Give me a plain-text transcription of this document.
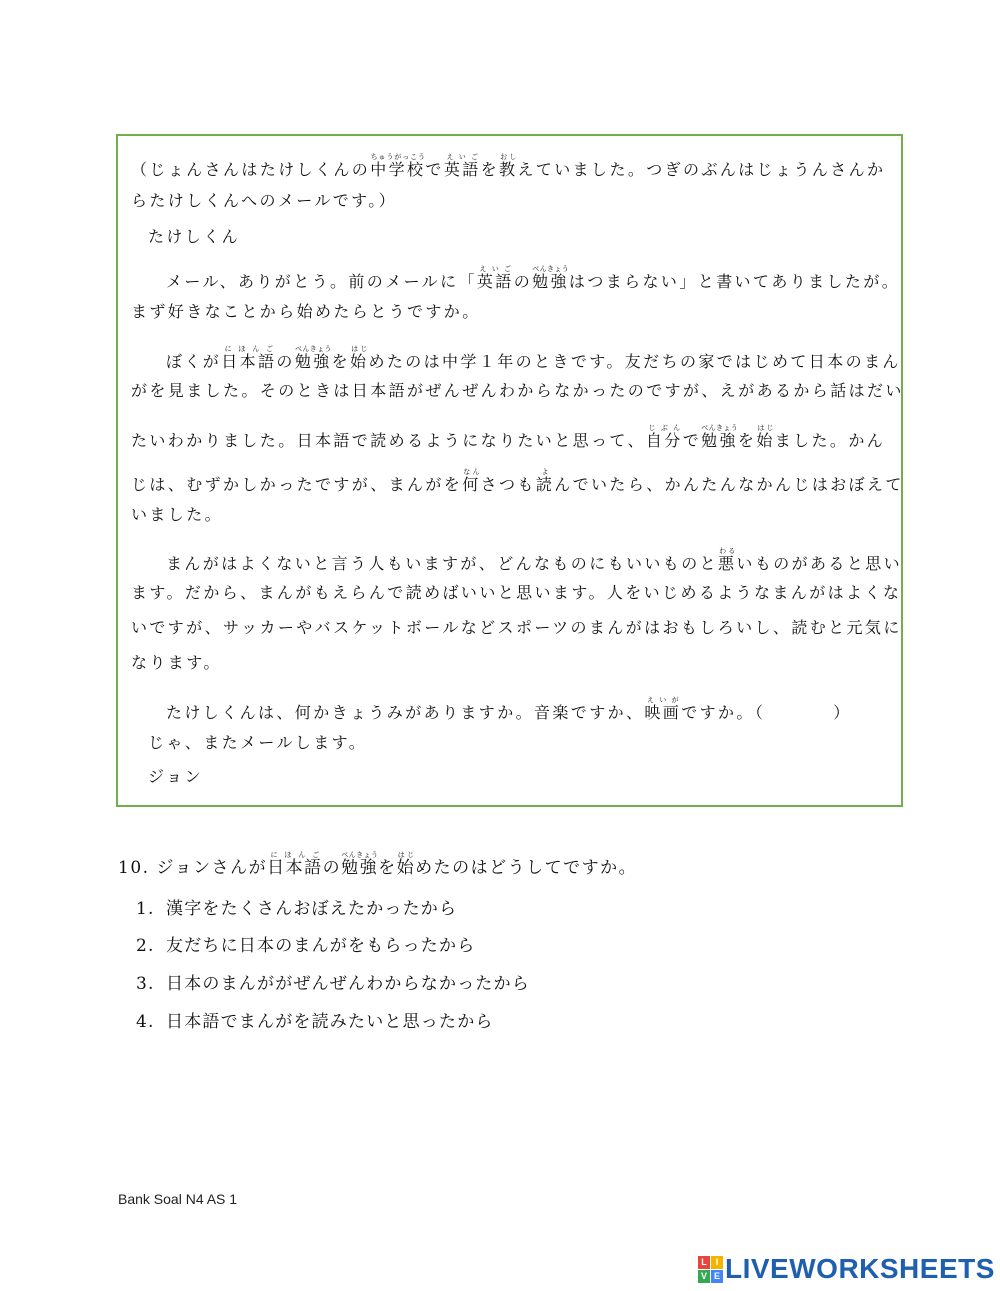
（じょんさんはたけしくんの中学校ちゅうがっこうで英語えいごを教おしえていました。つぎのぶんはじょうんさんか
らたけしくんへのメールです。）
たけしくん
メール、ありがとう。前のメールに「英語えいごの勉強べんきょうはつまらない」と書いてありましたが。
まず好きなことから始めたらとうですか。
ぼくが日本語にほんごの勉強べんきょうを始はじめたのは中学１年のときです。友だちの家ではじめて日本のまん
がを見ました。そのときは日本語がぜんぜんわからなかったのですが、えがあるから話はだい
たいわかりました。日本語で読めるようになりたいと思って、自分じぶんで勉強べんきょうを始はじました。かん
じは、むずかしかったですが、まんがを何なんさつも読よんでいたら、かんたんなかんじはおぼえて
いました。
まんがはよくないと言う人もいますが、どんなものにもいいものと悪わるいものがあると思い
ます。だから、まんがもえらんで読めばいいと思います。人をいじめるようなまんがはよくな
いですが、サッカーやバスケットボールなどスポーツのまんがはおもしろいし、読むと元気に
なります。
たけしくんは、何かきょうみがありますか。音楽ですか、映画えいがですか。（	）
じゃ、またメールします。
ジョン
10. ジョンさんが日本語にほんごの勉強べんきょうを始はじめたのはどうしてですか。
1. 漢字をたくさんおぼえたかったから
2. 友だちに日本のまんがをもらったから
3. 日本のまんががぜんぜんわからなかったから
4. 日本語でまんがを読みたいと思ったから
Bank Soal N4 AS 1
L I
V E LIVEWORKSHEETS
